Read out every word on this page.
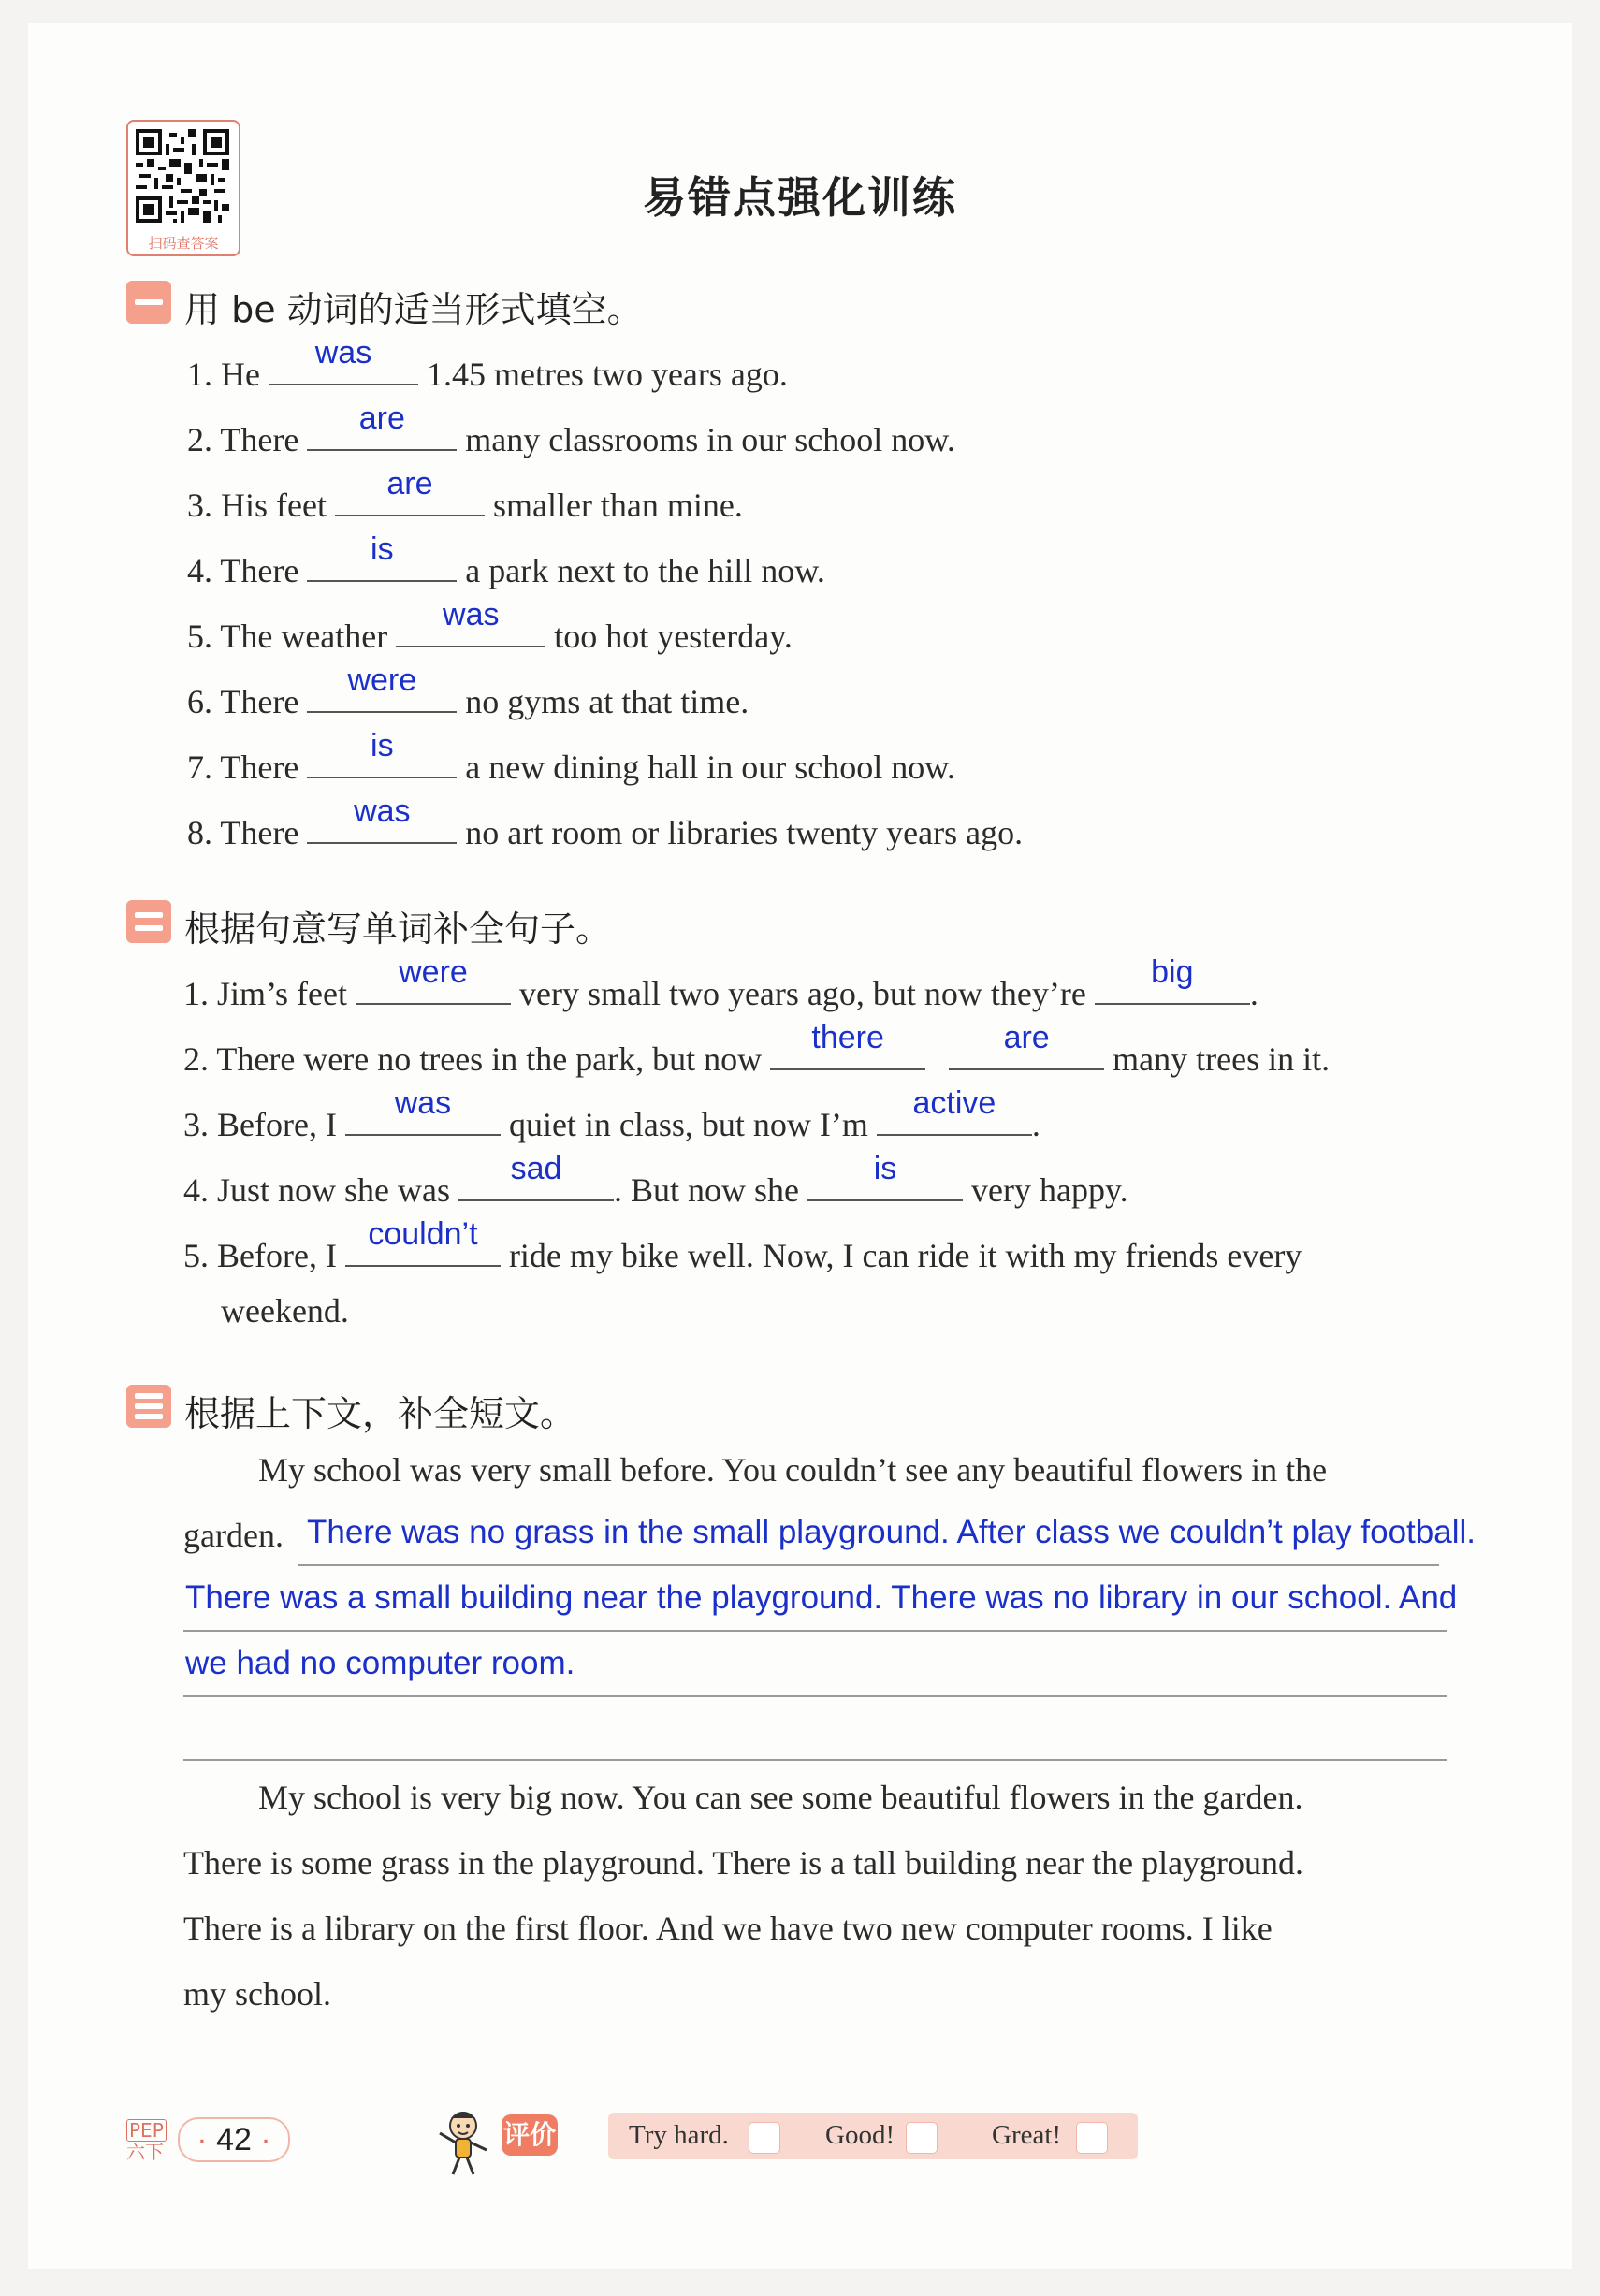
扫码查答案
易错点强化训练
用 be 动词的适当形式填空。
1. He
was
1.45 metres two years ago.
2. There
are
many classrooms in our school now.
3. His feet
are
smaller than mine.
4. There
is
a park next to the hill now.
5. The weather
was
too hot yesterday.
6. There
were
no gyms at that time.
7. There
is
a new dining hall in our school now.
8. There
was
no art room or libraries twenty years ago.
根据句意写单词补全句子。
1. Jim’s feet
were
very small two years ago, but now they’re
big
.
2. There were no trees in the park, but now
there
	are
many trees in it.
3. Before, I
was
quiet in class, but now I’m
active
.
4. Just now she was
sad
. But now she
is
very happy.
5. Before, I
couldn’t
ride my bike well. Now, I can ride it with my friends every
weekend.
根据上下文，补全短文。
My school was very small before. You couldn’t see any beautiful flowers in the
garden. There was no grass in the small playground. After class we couldn’t play football.
There was a small building near the playground. There was no library in our school. And
we had no computer room.
My school is very big now. You can see some beautiful flowers in the garden.
There is some grass in the playground. There is a tall building near the playground.
There is a library on the first floor. And we have two new computer rooms. I like
my school.
PEP
六下	· 42 ·	评价	Try hard.	Good!	Great!
